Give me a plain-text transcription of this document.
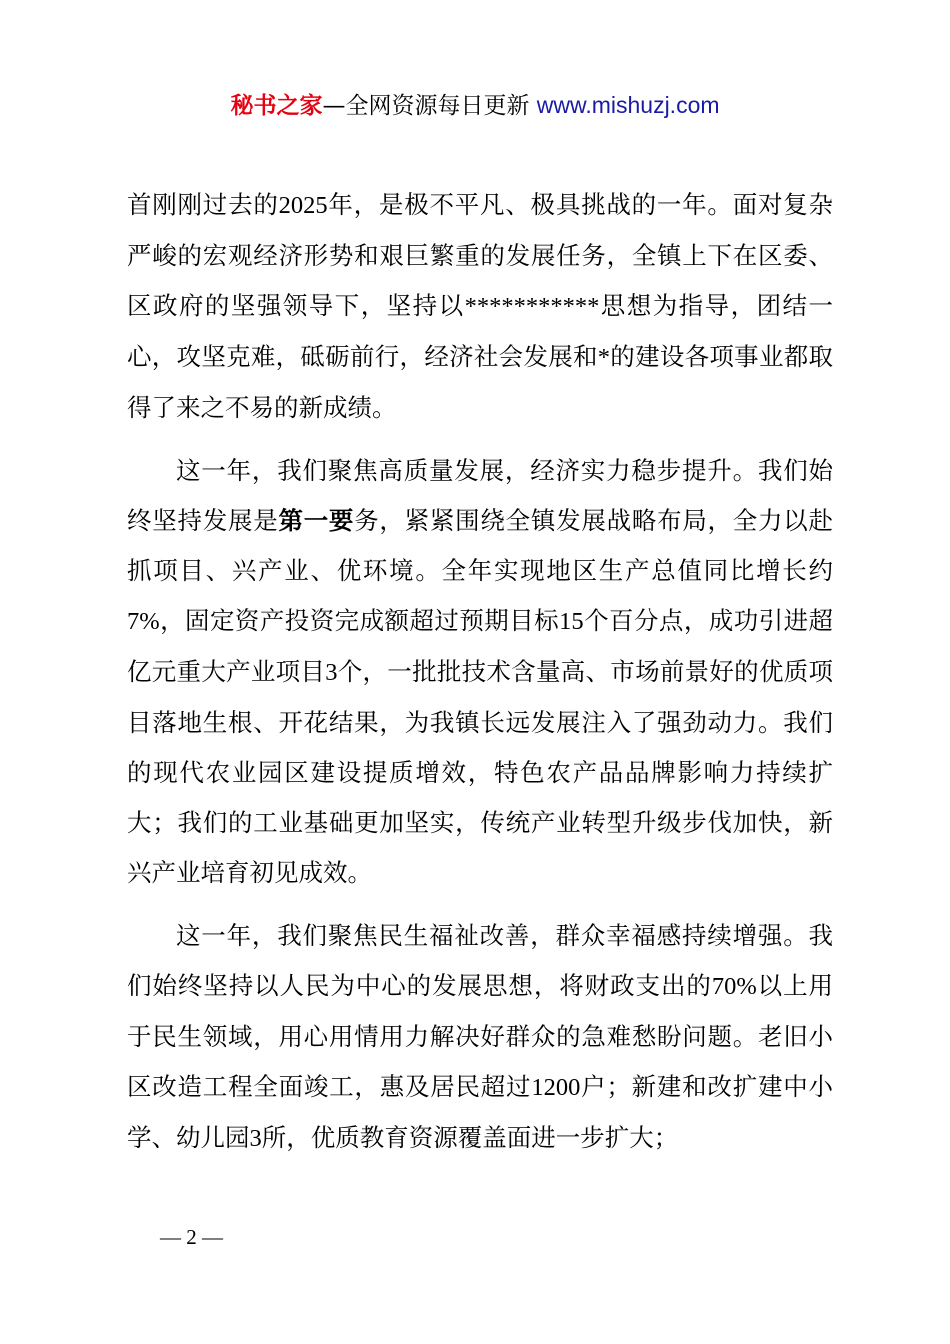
秘书之家—全网资源每日更新 www.mishuzj.com

首刚刚过去的2025年，是极不平凡、极具挑战的一年。面对复杂严峻的宏观经济形势和艰巨繁重的发展任务，全镇上下在区委、区政府的坚强领导下，坚持以***********思想为指导，团结一心，攻坚克难，砥砺前行，经济社会发展和*的建设各项事业都取得了来之不易的新成绩。

这一年，我们聚焦高质量发展，经济实力稳步提升。我们始终坚持发展是第一要务，紧紧围绕全镇发展战略布局，全力以赴抓项目、兴产业、优环境。全年实现地区生产总值同比增长约7%，固定资产投资完成额超过预期目标15个百分点，成功引进超亿元重大产业项目3个，一批批技术含量高、市场前景好的优质项目落地生根、开花结果，为我镇长远发展注入了强劲动力。我们的现代农业园区建设提质增效，特色农产品品牌影响力持续扩大；我们的工业基础更加坚实，传统产业转型升级步伐加快，新兴产业培育初见成效。

这一年，我们聚焦民生福祉改善，群众幸福感持续增强。我们始终坚持以人民为中心的发展思想，将财政支出的70%以上用于民生领域，用心用情用力解决好群众的急难愁盼问题。老旧小区改造工程全面竣工，惠及居民超过1200户；新建和改扩建中小学、幼儿园3所，优质教育资源覆盖面进一步扩大；

— 2 —
